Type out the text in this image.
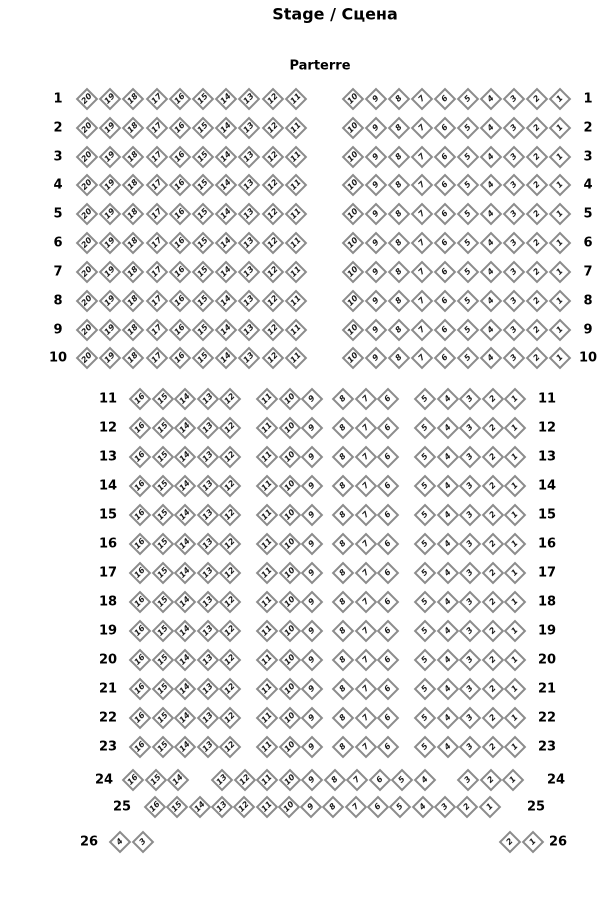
Stage / Сцена
Parterre
1	1
20 19 18 17 16 15 14 13 12 11	10 9 8 7 6 5 4 3 2 1
2	2
20 19 18 17 16 15 14 13 12 11	10 9 8 7 6 5 4 3 2 1
3	3
20 19 18 17 16 15 14 13 12 11	10 9 8 7 6 5 4 3 2 1
4	4
20 19 18 17 16 15 14 13 12 11	10 9 8 7 6 5 4 3 2 1
5	5
20 19 18 17 16 15 14 13 12 11	10 9 8 7 6 5 4 3 2 1
6	6
20 19 18 17 16 15 14 13 12 11	10 9 8 7 6 5 4 3 2 1
7	7
20 19 18 17 16 15 14 13 12 11	10 9 8 7 6 5 4 3 2 1
8	8
20 19 18 17 16 15 14 13 12 11	10 9 8 7 6 5 4 3 2 1
9	9
20 19 18 17 16 15 14 13 12 11	10 9 8 7 6 5 4 3 2 1
10	10
20 19 18 17 16 15 14 13 12 11	10 9 8 7 6 5 4 3 2 1
11	11
16 15 14 13 12	11 10 9	8 7 6	5 4 3 2 1
12	12
16 15 14 13 12	11 10 9	8 7 6	5 4 3 2 1
13	13
16 15 14 13 12	11 10 9	8 7 6	5 4 3 2 1
14	14
16 15 14 13 12	11 10 9	8 7 6	5 4 3 2 1
15	15
16 15 14 13 12	11 10 9	8 7 6	5 4 3 2 1
16	16
16 15 14 13 12	11 10 9	8 7 6	5 4 3 2 1
17	17
16 15 14 13 12	11 10 9	8 7 6	5 4 3 2 1
18	18
16 15 14 13 12	11 10 9	8 7 6	5 4 3 2 1
19	19
16 15 14 13 12	11 10 9	8 7 6	5 4 3 2 1
20	20
16 15 14 13 12	11 10 9	8 7 6	5 4 3 2 1
21	21
16 15 14 13 12	11 10 9	8 7 6	5 4 3 2 1
22	22
16 15 14 13 12	11 10 9	8 7 6	5 4 3 2 1
23	23
16 15 14 13 12	11 10 9	8 7 6	5 4 3 2 1
24	24
16 15 14	13 12 11 10 9 8 7 6 5 4	3 2 1
25	25
16 15 14 13 12 11 10 9 8 7 6 5 4 3 2 1
26	26
4 3	2 1
